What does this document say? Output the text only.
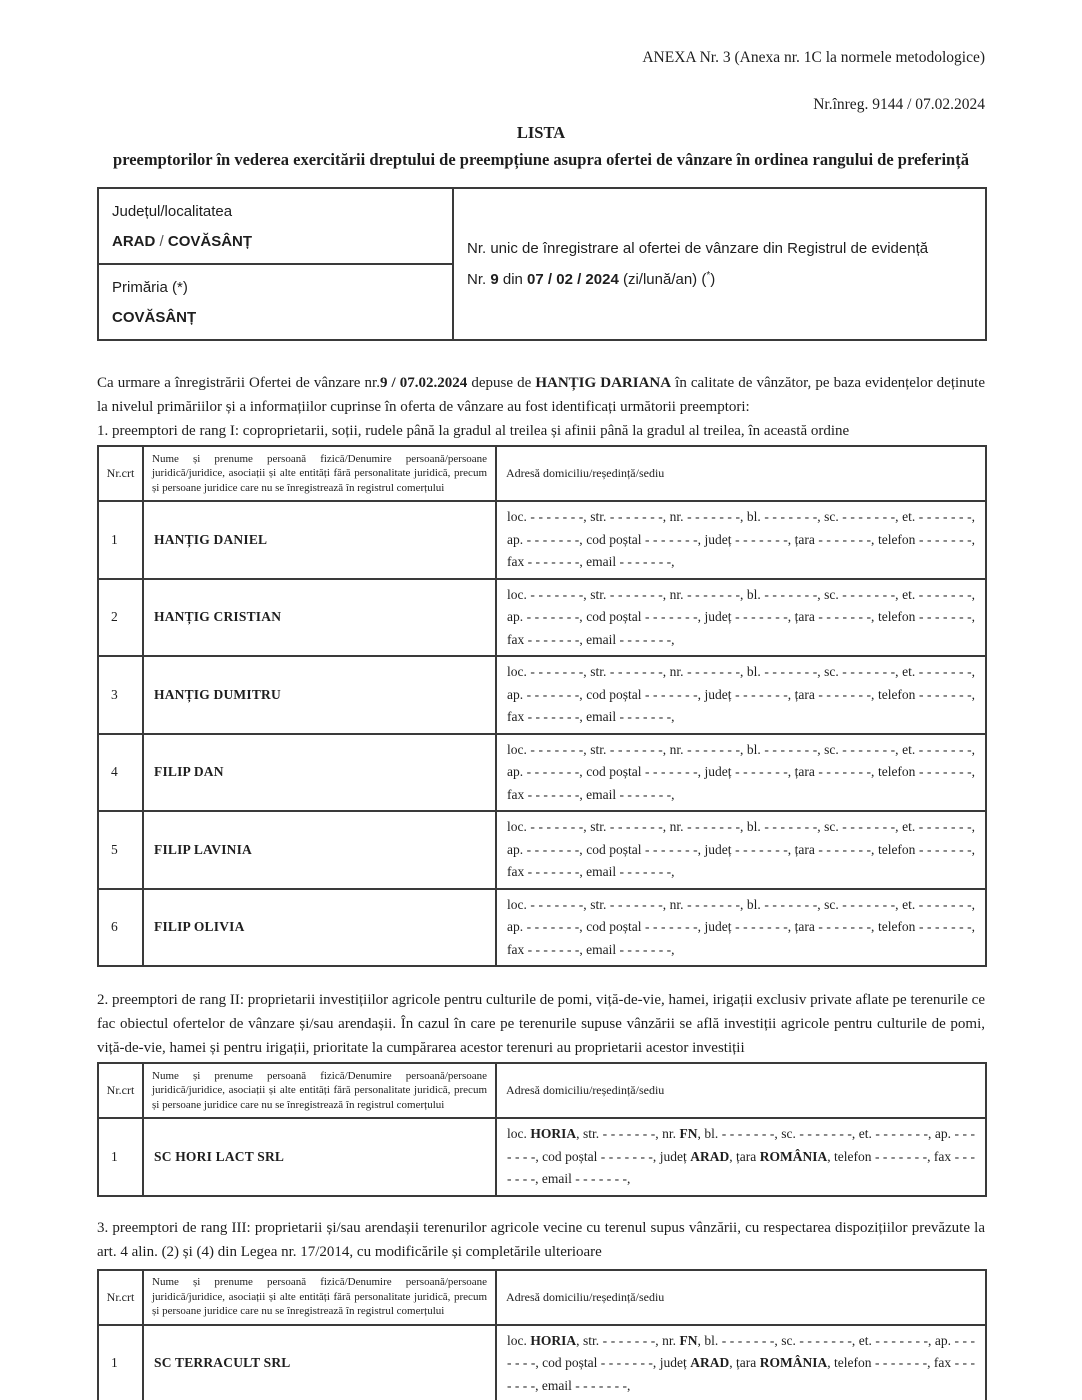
ANEXA Nr. 3 (Anexa nr. 1C la normele metodologice)
Nr.înreg. 9144 / 07.02.2024
LISTA
preemptorilor în vederea exercitării dreptului de preempțiune asupra ofertei de vânzare în ordinea rangului de preferință
Județul/localitatea
ARAD / COVĂSÂNȚ	Nr. unic de înregistrare al ofertei de vânzare din Registrul de evidență
Nr. 9 din 07 / 02 / 2024 (zi/lună/an) (*)

Primăria (*)
COVĂSÂNȚ

Ca urmare a înregistrării Ofertei de vânzare nr.9 / 07.02.2024 depuse de HANȚIG DARIANA în calitate de vânzător, pe baza evidențelor deținute la nivelul primăriilor și a informațiilor cuprinse în oferta de vânzare au fost identificați următorii preemptori:

1. preemptori de rang I: coproprietarii, soții, rudele până la gradul al treilea și afinii până la gradul al treilea, în această ordine

Nr.crt	Nume și prenume persoană fizică/Denumire persoană/persoane juridică/juridice, asociații și alte entități fără personalitate juridică, precum și persoane juridice care nu se înregistrează în registrul comerțului	Adresă domiciliu/reședință/sediu
1	HANȚIG DANIEL	loc. - - - - - - -, str. - - - - - - -, nr. - - - - - - -, bl. - - - - - - -, sc. - - - - - - -, et. - - - - - - -, ap. - - - - - - -, cod poștal - - - - - - -, județ - - - - - - -, țara - - - - - - -, telefon - - - - - - -, fax - - - - - - -, email - - - - - - -,
2	HANȚIG CRISTIAN	loc. - - - - - - -, str. - - - - - - -, nr. - - - - - - -, bl. - - - - - - -, sc. - - - - - - -, et. - - - - - - -, ap. - - - - - - -, cod poștal - - - - - - -, județ - - - - - - -, țara - - - - - - -, telefon - - - - - - -, fax - - - - - - -, email - - - - - - -,
3	HANȚIG DUMITRU	loc. - - - - - - -, str. - - - - - - -, nr. - - - - - - -, bl. - - - - - - -, sc. - - - - - - -, et. - - - - - - -, ap. - - - - - - -, cod poștal - - - - - - -, județ - - - - - - -, țara - - - - - - -, telefon - - - - - - -, fax - - - - - - -, email - - - - - - -,
4	FILIP DAN	loc. - - - - - - -, str. - - - - - - -, nr. - - - - - - -, bl. - - - - - - -, sc. - - - - - - -, et. - - - - - - -, ap. - - - - - - -, cod poștal - - - - - - -, județ - - - - - - -, țara - - - - - - -, telefon - - - - - - -, fax - - - - - - -, email - - - - - - -,
5	FILIP LAVINIA	loc. - - - - - - -, str. - - - - - - -, nr. - - - - - - -, bl. - - - - - - -, sc. - - - - - - -, et. - - - - - - -, ap. - - - - - - -, cod poștal - - - - - - -, județ - - - - - - -, țara - - - - - - -, telefon - - - - - - -, fax - - - - - - -, email - - - - - - -,
6	FILIP OLIVIA	loc. - - - - - - -, str. - - - - - - -, nr. - - - - - - -, bl. - - - - - - -, sc. - - - - - - -, et. - - - - - - -, ap. - - - - - - -, cod poștal - - - - - - -, județ - - - - - - -, țara - - - - - - -, telefon - - - - - - -, fax - - - - - - -, email - - - - - - -,

2. preemptori de rang II: proprietarii investițiilor agricole pentru culturile de pomi, viță-de-vie, hamei, irigații exclusiv private aflate pe terenurile ce fac obiectul ofertelor de vânzare și/sau arendașii. În cazul în care pe terenurile supuse vânzării se află investiții agricole pentru culturile de pomi, viță-de-vie, hamei și pentru irigații, prioritate la cumpărarea acestor terenuri au proprietarii acestor investiții

Nr.crt	Nume și prenume persoană fizică/Denumire persoană/persoane juridică/juridice, asociații și alte entități fără personalitate juridică, precum și persoane juridice care nu se înregistrează în registrul comerțului	Adresă domiciliu/reședință/sediu
1	SC HORI LACT SRL	loc. HORIA, str. - - - - - - -, nr. FN, bl. - - - - - - -, sc. - - - - - - -, et. - - - - - - -, ap. - - - - - - -, cod poștal - - - - - - -, județ ARAD, țara ROMÂNIA, telefon - - - - - - -, fax - - - - - - -, email - - - - - - -,

3. preemptori de rang III: proprietarii și/sau arendașii terenurilor agricole vecine cu terenul supus vânzării, cu respectarea dispozițiilor prevăzute la art. 4 alin. (2) și (4) din Legea nr. 17/2014, cu modificările și completările ulterioare

Nr.crt	Nume și prenume persoană fizică/Denumire persoană/persoane juridică/juridice, asociații și alte entități fără personalitate juridică, precum și persoane juridice care nu se înregistrează în registrul comerțului	Adresă domiciliu/reședință/sediu
1	SC TERRACULT SRL	loc. HORIA, str. - - - - - - -, nr. FN, bl. - - - - - - -, sc. - - - - - - -, et. - - - - - - -, ap. - - - - - - -, cod poștal - - - - - - -, județ ARAD, țara ROMÂNIA, telefon - - - - - - -, fax - - - - - - -, email - - - - - - -,
